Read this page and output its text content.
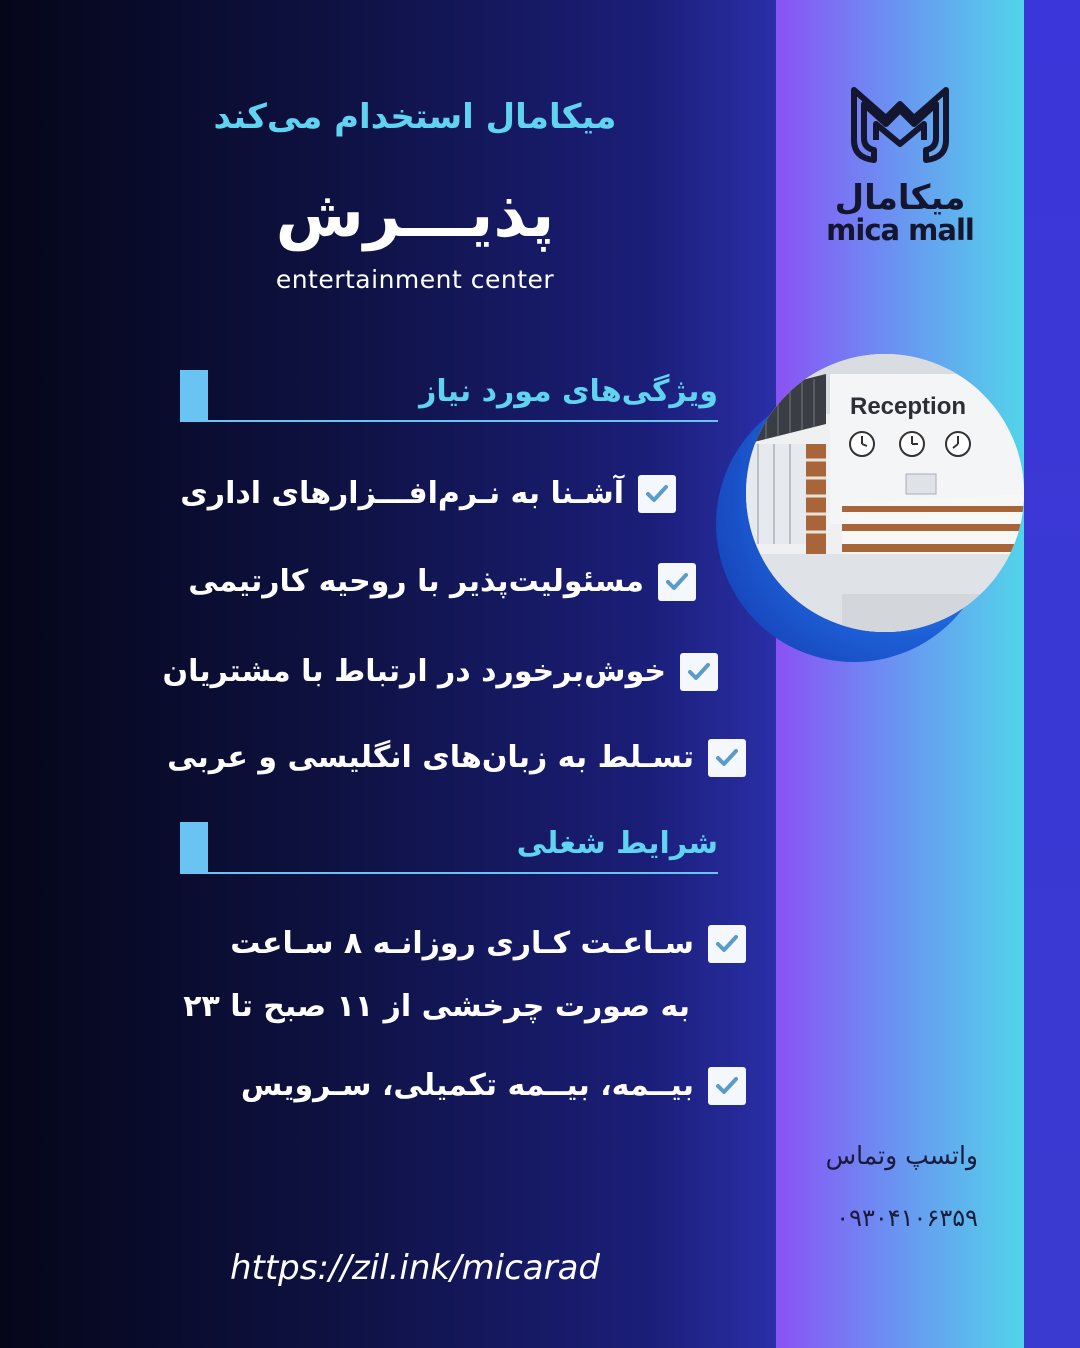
میکامال
mica mall
Reception
میکامال استخدام می‌کند
پذیـــرش
entertainment center
ویژگی‌های مورد نیاز
آشـنا به نـرم‌افـــزارهای اداری
مسئولیت‌پذیر با روحیه کارتیمی
خوش‌برخورد در ارتباط با مشتریان
تسـلط به زبان‌های انگلیسی و عربی
شرایط شغلی
سـاعـت کـاری روزانـه ۸ سـاعت
به صورت چرخشی از ۱۱ صبح تا ۲۳
بیــمه، بیــمه تکمیلی، سـرویس
واتسپ وتماس
۰۹۳۰۴۱۰۶۳۵۹
https://zil.ink/micarad
